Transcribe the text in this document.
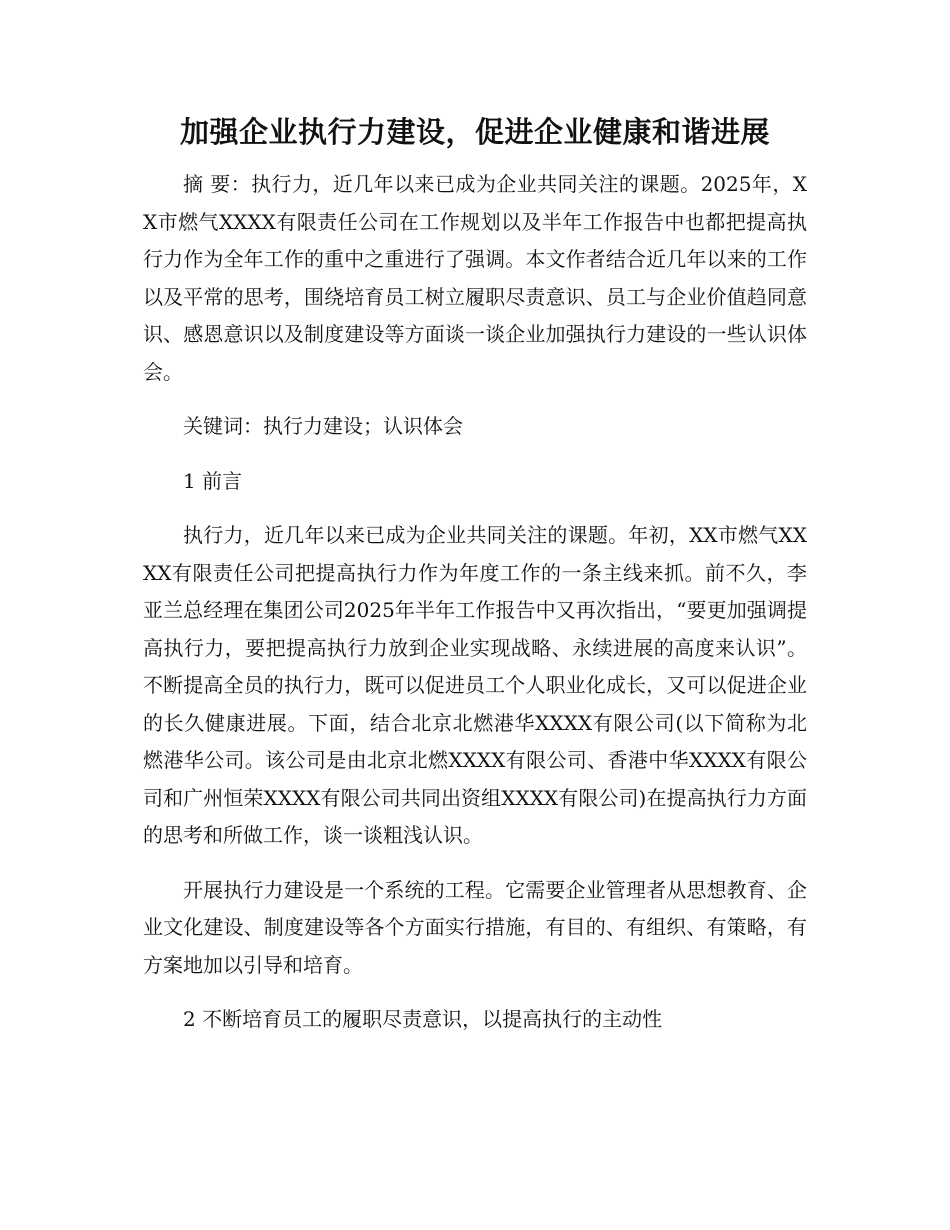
加强企业执行力建设，促进企业健康和谐进展

摘 要：执行力，近几年以来已成为企业共同关注的课题。2025年，XX市燃气XXXX有限责任公司在工作规划以及半年工作报告中也都把提高执行力作为全年工作的重中之重进行了强调。本文作者结合近几年以来的工作以及平常的思考，围绕培育员工树立履职尽责意识、员工与企业价值趋同意识、感恩意识以及制度建设等方面谈一谈企业加强执行力建设的一些认识体会。

关键词：执行力建设；认识体会

1 前言

执行力，近几年以来已成为企业共同关注的课题。年初，XX市燃气XXXX有限责任公司把提高执行力作为年度工作的一条主线来抓。前不久，李亚兰总经理在集团公司2025年半年工作报告中又再次指出，“要更加强调提高执行力，要把提高执行力放到企业实现战略、永续进展的高度来认识”。不断提高全员的执行力，既可以促进员工个人职业化成长，又可以促进企业的长久健康进展。下面，结合北京北燃港华XXXX有限公司(以下简称为北燃港华公司。该公司是由北京北燃XXXX有限公司、香港中华XXXX有限公司和广州恒荣XXXX有限公司共同出资组XXXX有限公司)在提高执行力方面的思考和所做工作，谈一谈粗浅认识。

开展执行力建设是一个系统的工程。它需要企业管理者从思想教育、企业文化建设、制度建设等各个方面实行措施，有目的、有组织、有策略，有方案地加以引导和培育。

2 不断培育员工的履职尽责意识，以提高执行的主动性
